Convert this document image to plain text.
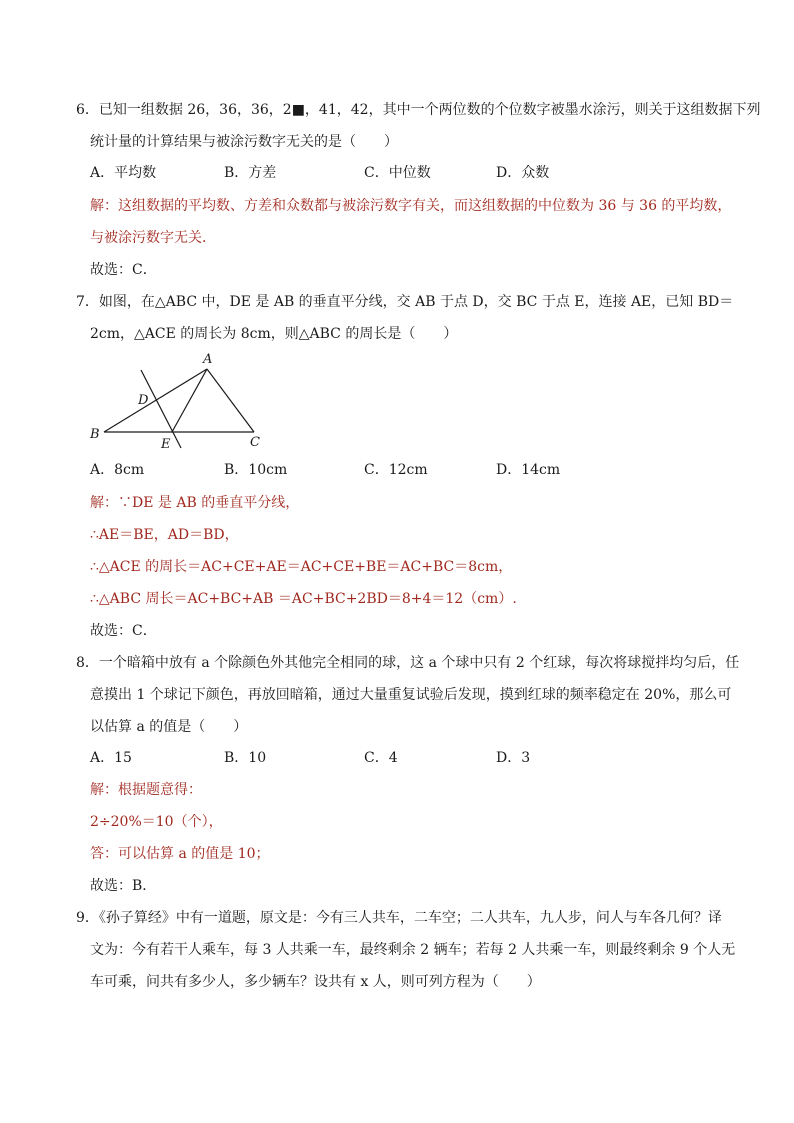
6．已知一组数据 26，36，36，2■，41，42，其中一个两位数的个位数字被墨水涂污，则关于这组数据下列
统计量的计算结果与被涂污数字无关的是（　　）
A．平均数	B．方差	C．中位数	D．众数
解：这组数据的平均数、方差和众数都与被涂污数字有关，而这组数据的中位数为 36 与 36 的平均数，
与被涂污数字无关．
故选：C．
7．如图，在△ABC 中，DE 是 AB 的垂直平分线，交 AB 于点 D，交 BC 于点 E，连接 AE，已知 BD＝
2cm，△ACE 的周长为 8cm，则△ABC 的周长是（　　）
A
B
C
D
E
A．8cm	B．10cm	C．12cm	D．14cm
解：∵DE 是 AB 的垂直平分线，
∴AE＝BE，AD＝BD，
∴△ACE 的周长＝AC+CE+AE＝AC+CE+BE＝AC+BC＝8cm，
∴△ABC 周长＝AC+BC+AB ＝AC+BC+2BD＝8+4＝12（cm）.
故选：C．
8．一个暗箱中放有 a 个除颜色外其他完全相同的球，这 a 个球中只有 2 个红球，每次将球搅拌均匀后，任
意摸出 1 个球记下颜色，再放回暗箱，通过大量重复试验后发现，摸到红球的频率稳定在 20%，那么可
以估算 a 的值是（　　）
A．15	B．10	C．4	D．3
解：根据题意得：
2÷20%＝10（个），
答：可以估算 a 的值是 10；
故选：B．
9．《孙子算经》中有一道题，原文是：今有三人共车，二车空；二人共车，九人步，问人与车各几何？译
文为：今有若干人乘车，每 3 人共乘一车，最终剩余 2 辆车；若每 2 人共乘一车，则最终剩余 9 个人无
车可乘，问共有多少人，多少辆车？设共有 x 人，则可列方程为（　　）
